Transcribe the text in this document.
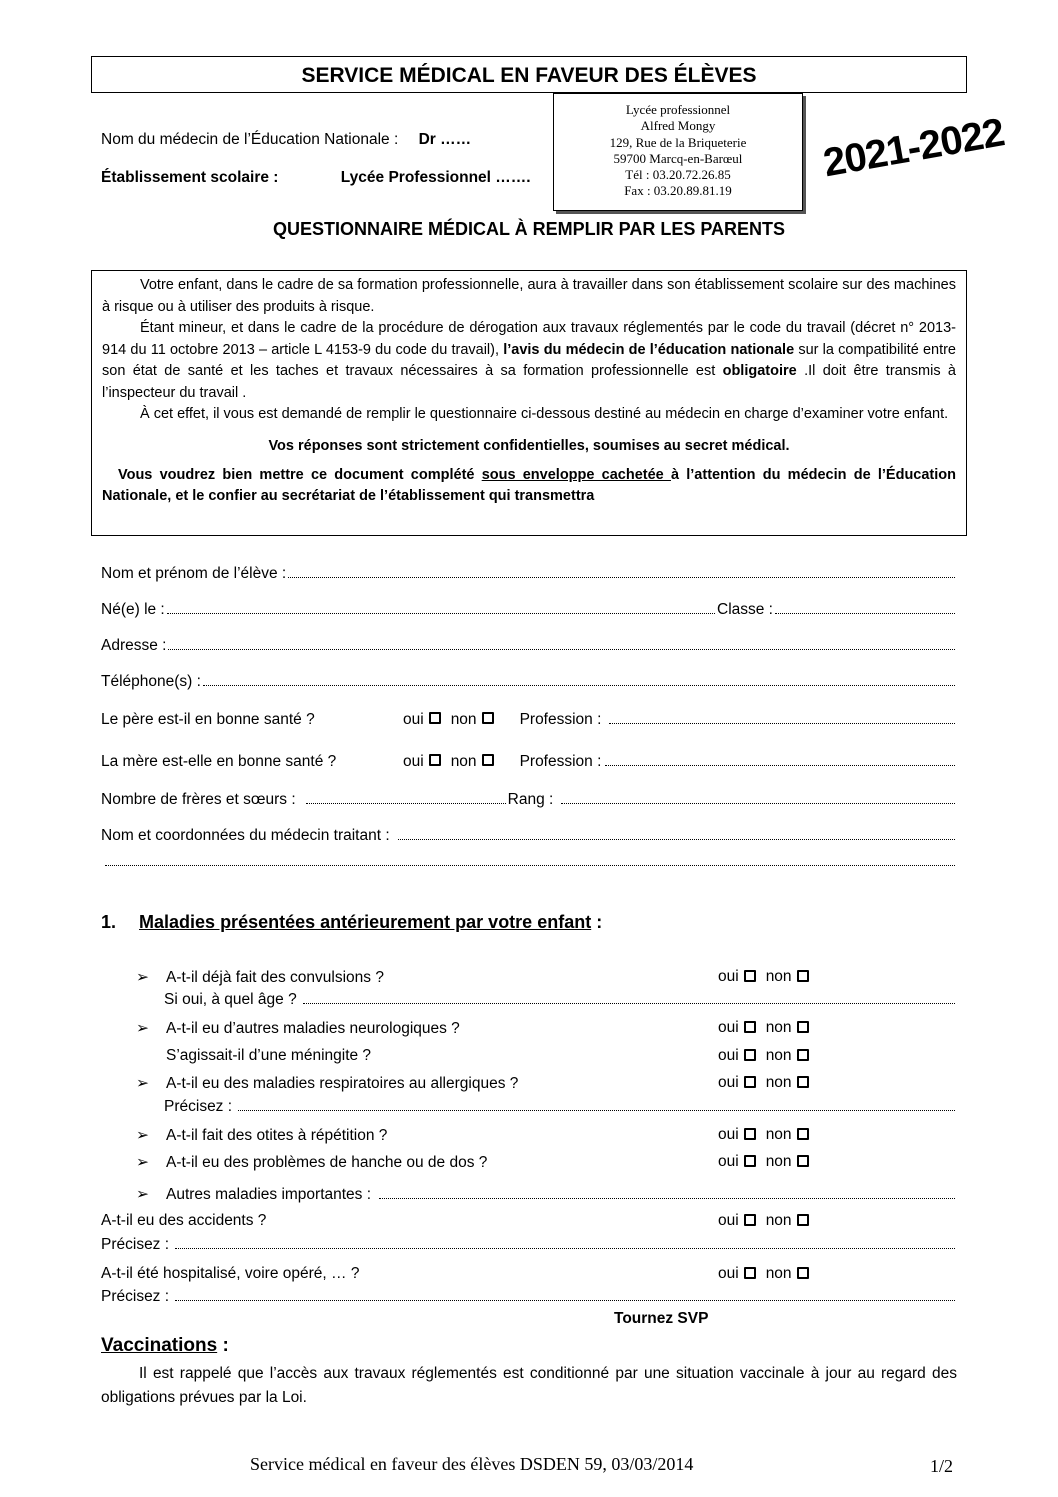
SERVICE MÉDICAL EN FAVEUR DES ÉLÈVES
Nom du médecin de l’Éducation Nationale : Dr ……
Établissement scolaire :	Lycée Professionnel …….
Lycée professionnel
Alfred Mongy
129, Rue de la Briqueterie
59700 Marcq-en-Barœul
Tél : 03.20.72.26.85
Fax : 03.20.89.81.19
2021-2022
QUESTIONNAIRE MÉDICAL À REMPLIR PAR LES PARENTS

Votre enfant, dans le cadre de sa formation professionnelle, aura à travailler dans son établissement scolaire sur des machines à risque ou à utiliser des produits à risque.

Étant mineur, et dans le cadre de la procédure de dérogation aux travaux réglementés par le code du travail (décret n° 2013-914 du 11 octobre 2013 – article L 4153-9 du code du travail), l’avis du médecin de l’éducation nationale sur la compatibilité entre son état de santé et les taches et travaux nécessaires à sa formation professionnelle est obligatoire .Il doit être transmis à l’inspecteur du travail .

À cet effet, il vous est demandé de remplir le questionnaire ci-dessous destiné au médecin en charge d’examiner votre enfant.

Vos réponses sont strictement confidentielles, soumises au secret médical.

Vous voudrez bien mettre ce document complété sous enveloppe cachetée à l’attention du médecin de l’Éducation Nationale, et le confier au secrétariat de l’établissement qui transmettra

Nom et prénom de l’élève :
Né(e) le :	Classe :
Adresse :
Téléphone(s) :
Le père est-il en bonne santé ?	oui non	Profession :
La mère est-elle en bonne santé ?	oui non	Profession :
Nombre de frères et sœurs :	Rang :
Nom et coordonnées du médecin traitant :
1. Maladies présentées antérieurement par votre enfant :
➢ A-t-il déjà fait des convulsions ?	oui non
Si oui, à quel âge ?
➢ A-t-il eu d’autres maladies neurologiques ?	oui non
S’agissait-il d’une méningite ?	oui non
➢ A-t-il eu des maladies respiratoires au allergiques ?	oui non
Précisez :
➢ A-t-il fait des otites à répétition ?	oui non
➢ A-t-il eu des problèmes de hanche ou de dos ?	oui non
➢	Autres maladies importantes :
A-t-il eu des accidents ?	oui non
Précisez :
A-t-il été hospitalisé, voire opéré, … ?	oui non
Précisez :
Tournez SVP
Vaccinations :
Il est rappelé que l’accès aux travaux réglementés est conditionné par une situation vaccinale à jour au regard des obligations prévues par la Loi.
Service médical en faveur des élèves DSDEN 59, 03/03/2014	1/2
